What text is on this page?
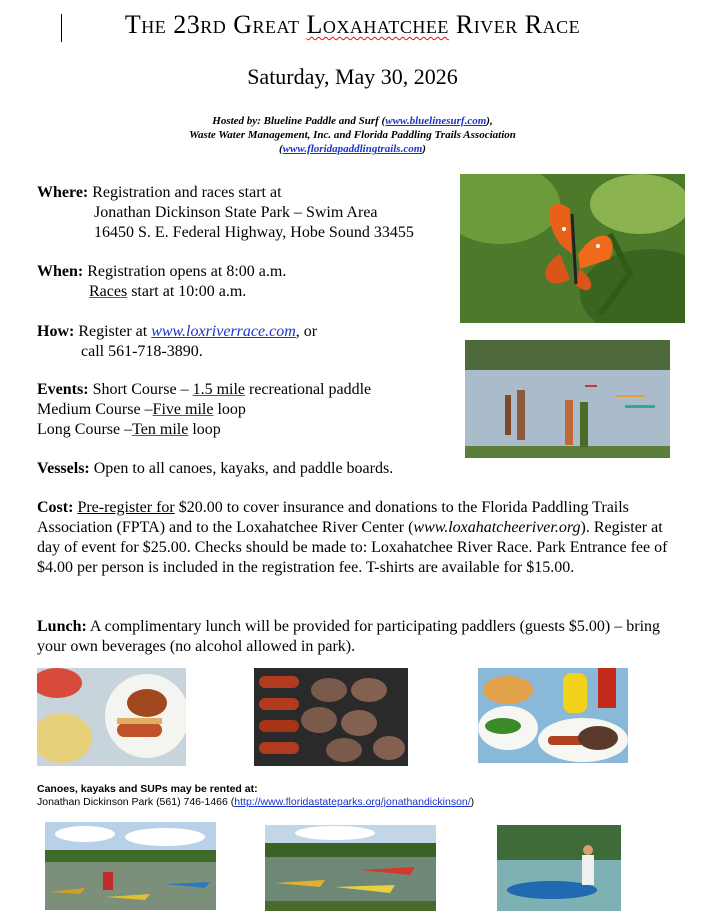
The 23rd Great Loxahatchee River Race
Saturday, May 30, 2026
Hosted by: Blueline Paddle and Surf (www.bluelinesurf.com),
Waste Water Management, Inc. and Florida Paddling Trails Association
(www.floridapaddlingtrails.com)
Where: Registration and races start at
Jonathan Dickinson State Park – Swim Area
16450 S. E. Federal Highway, Hobe Sound 33455
When: Registration opens at 8:00 a.m.
Races start at 10:00 a.m.
How: Register at www.loxriverrace.com, or
call 561-718-3890.
Events: Short Course – 1.5 mile recreational paddle
Medium Course –Five mile loop
Long Course –Ten mile loop
Vessels: Open to all canoes, kayaks, and paddle boards.
Cost: Pre-register for $20.00 to cover insurance and donations to the Florida Paddling Trails Association (FPTA) and to the Loxahatchee River Center (www.loxahatcheeriver.org). Register at day of event for $25.00. Checks should be made to: Loxahatchee River Race. Park Entrance fee of $4.00 per person is included in the registration fee. T-shirts are available for $15.00.
Lunch: A complimentary lunch will be provided for participating paddlers (guests $5.00) – bring your own beverages (no alcohol allowed in park).
Canoes, kayaks and SUPs may be rented at:
Jonathan Dickinson Park (561) 746-1466 (http://www.floridastateparks.org/jonathandickinson/)
